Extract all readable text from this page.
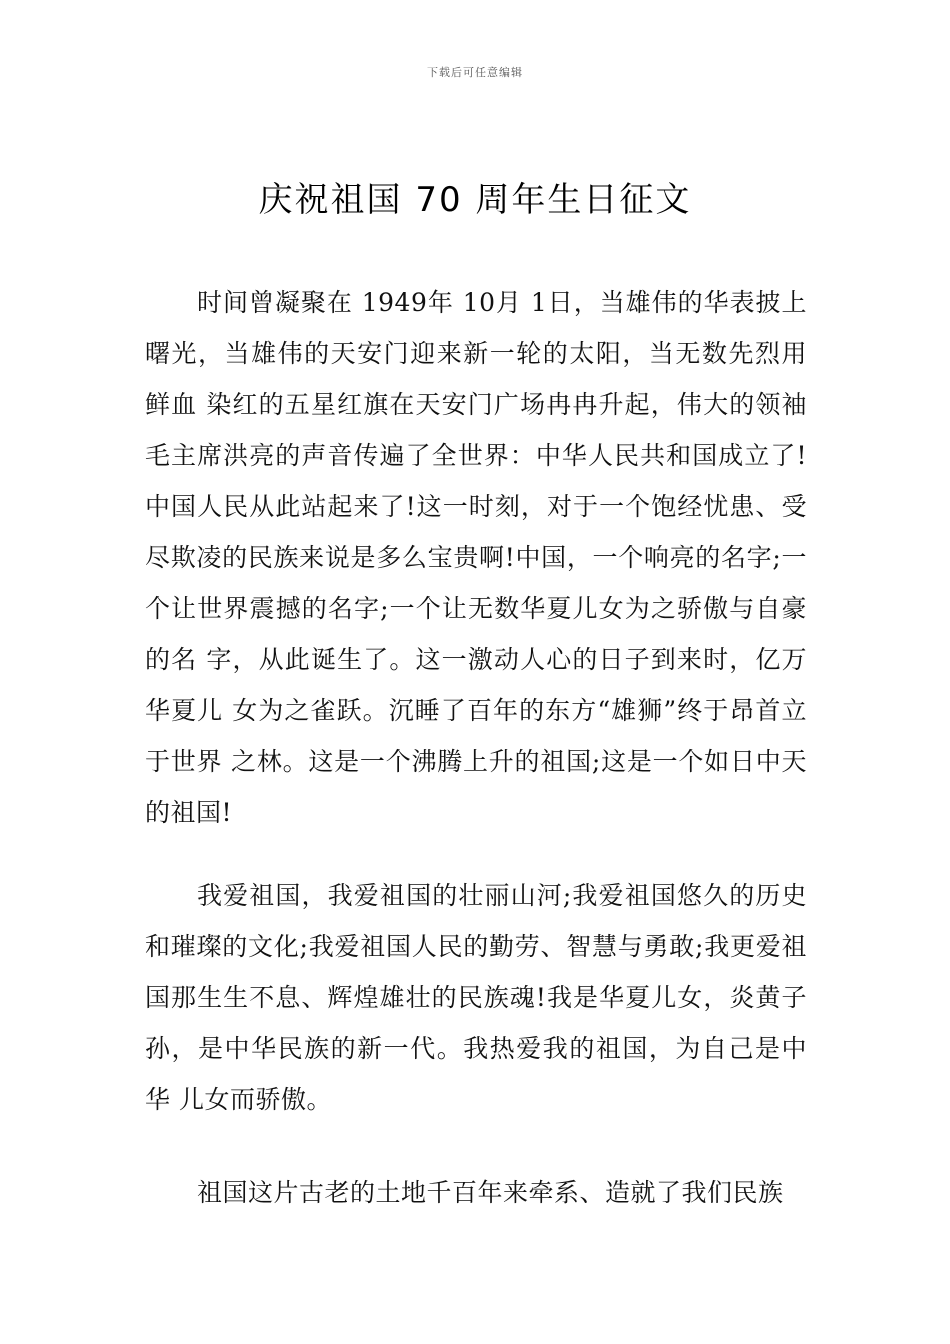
下载后可任意编辑
庆祝祖国 70 周年生日征文

时间曾凝聚在 1949年 10月 1日，当雄伟的华表披上曙光，当雄伟的天安门迎来新一轮的太阳，当无数先烈用鲜血 染红的五星红旗在天安门广场冉冉升起，伟大的领袖毛主席洪亮的声音传遍了全世界：中华人民共和国成立了!中国人民从此站起来了!这一时刻，对于一个饱经忧患、受尽欺凌的民族来说是多么宝贵啊!中国，一个响亮的名字;一个让世界震撼的名字;一个让无数华夏儿女为之骄傲与自豪的名 字，从此诞生了。这一激动人心的日子到来时，亿万华夏儿 女为之雀跃。沉睡了百年的东方“雄狮”终于昂首立于世界 之林。这是一个沸腾上升的祖国;这是一个如日中天的祖国!

我爱祖国，我爱祖国的壮丽山河;我爱祖国悠久的历史和璀璨的文化;我爱祖国人民的勤劳、智慧与勇敢;我更爱祖国那生生不息、辉煌雄壮的民族魂!我是华夏儿女，炎黄子孙，是中华民族的新一代。我热爱我的祖国，为自己是中华 儿女而骄傲。

祖国这片古老的土地千百年来牵系、造就了我们民族
